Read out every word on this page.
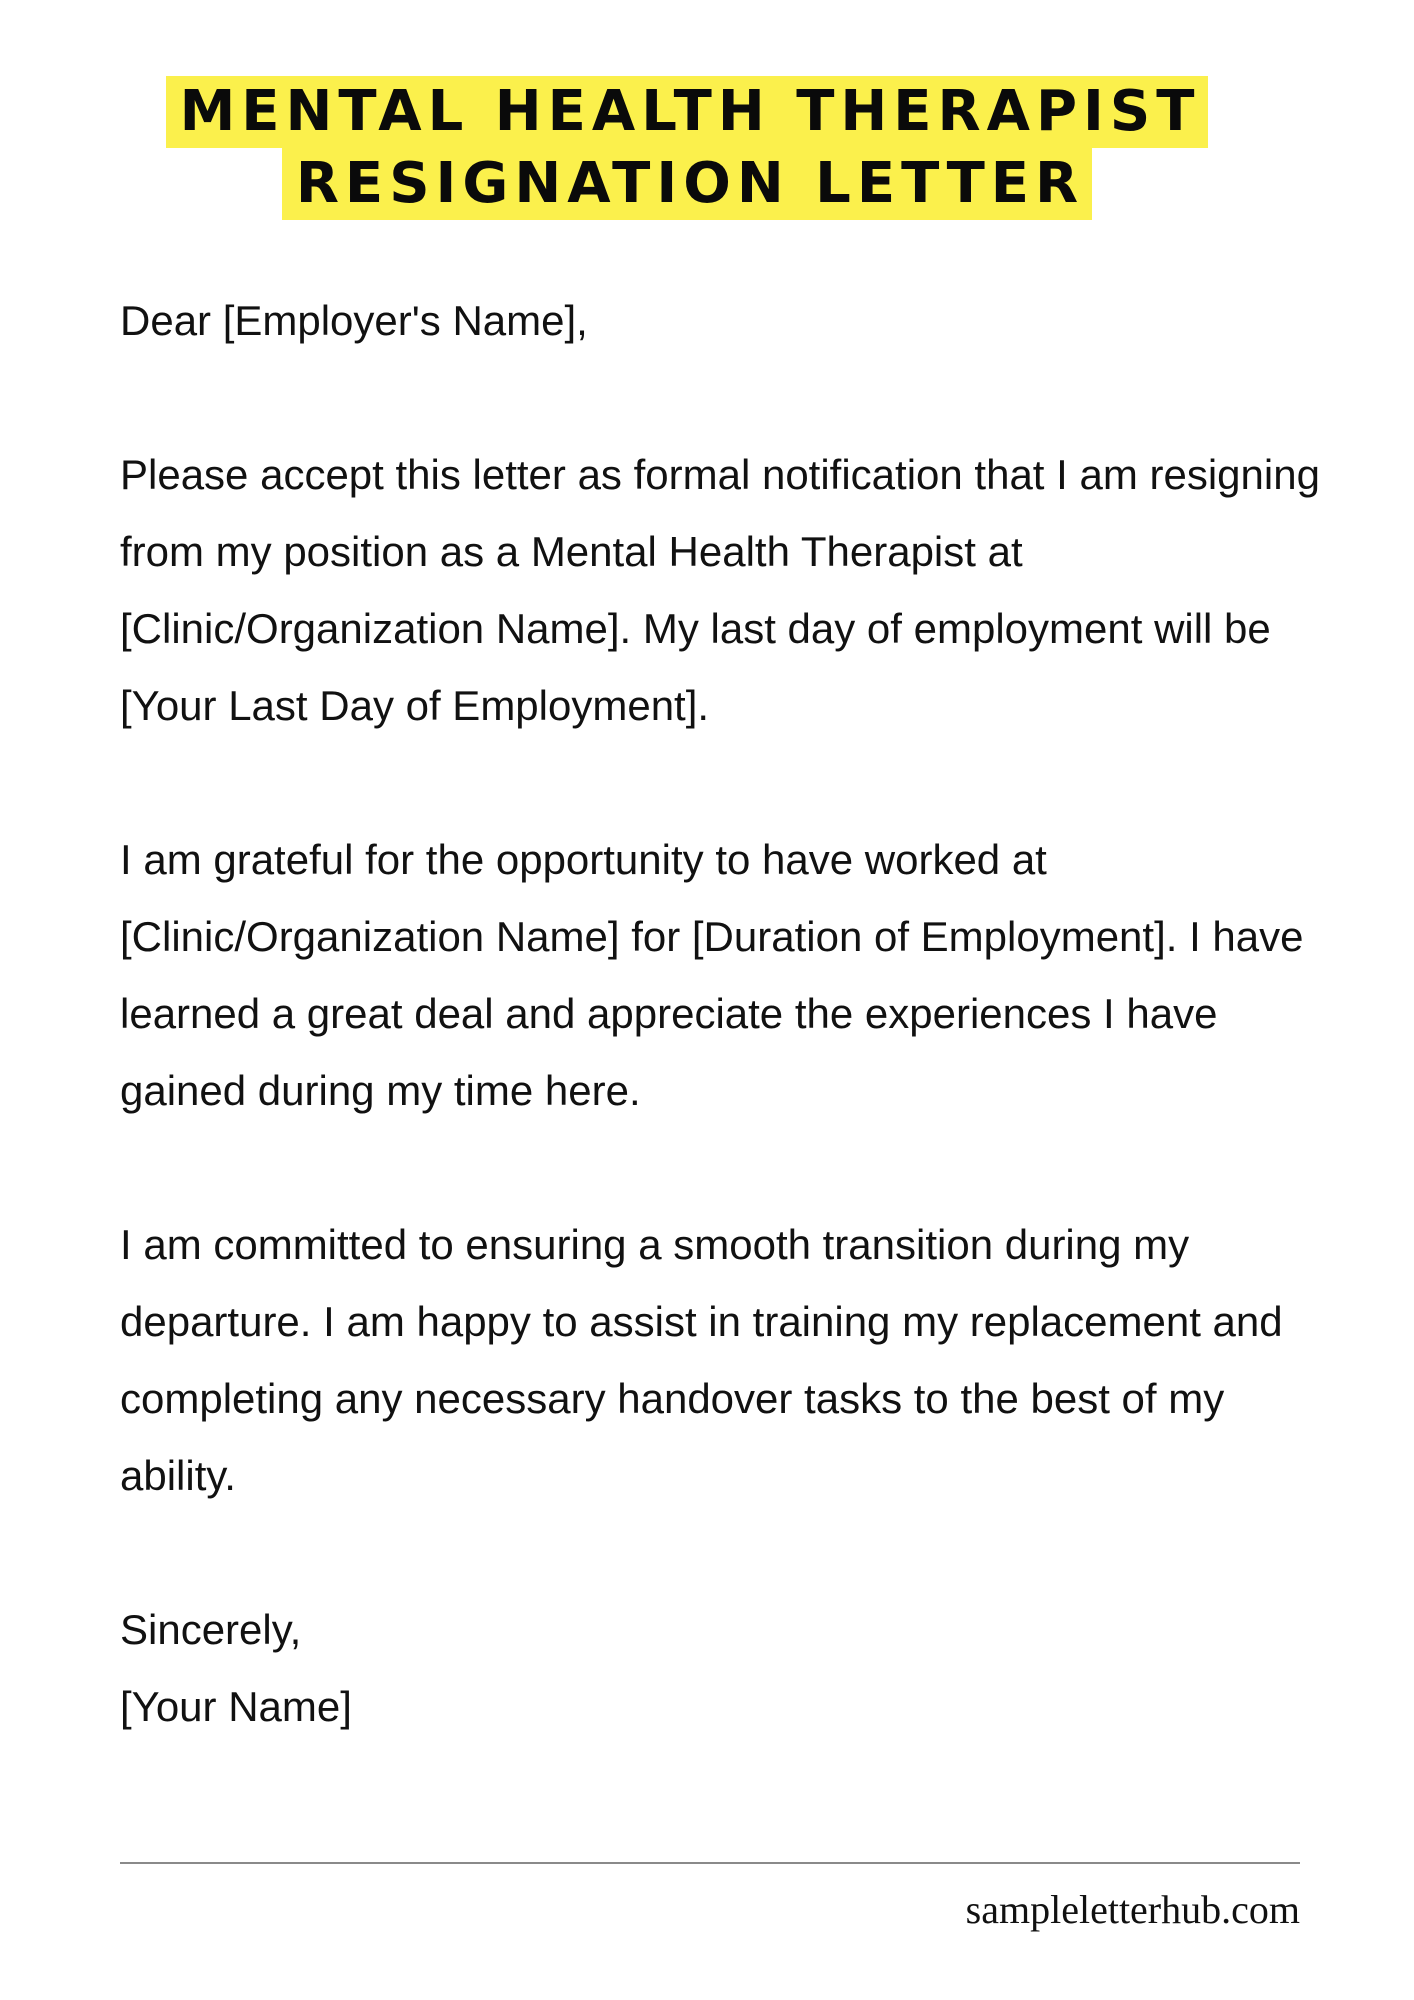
MENTAL HEALTH THERAPIST
RESIGNATION LETTER

Dear [Employer's Name],

Please accept this letter as formal notification that I am resigning from my position as a Mental Health Therapist at [Clinic/Organization Name]. My last day of employment will be [Your Last Day of Employment].

I am grateful for the opportunity to have worked at [Clinic/Organization Name] for [Duration of Employment]. I have learned a great deal and appreciate the experiences I have gained during my time here.

I am committed to ensuring a smooth transition during my departure. I am happy to assist in training my replacement and completing any necessary handover tasks to the best of my ability.

Sincerely,

[Your Name]

sampleletterhub.com
